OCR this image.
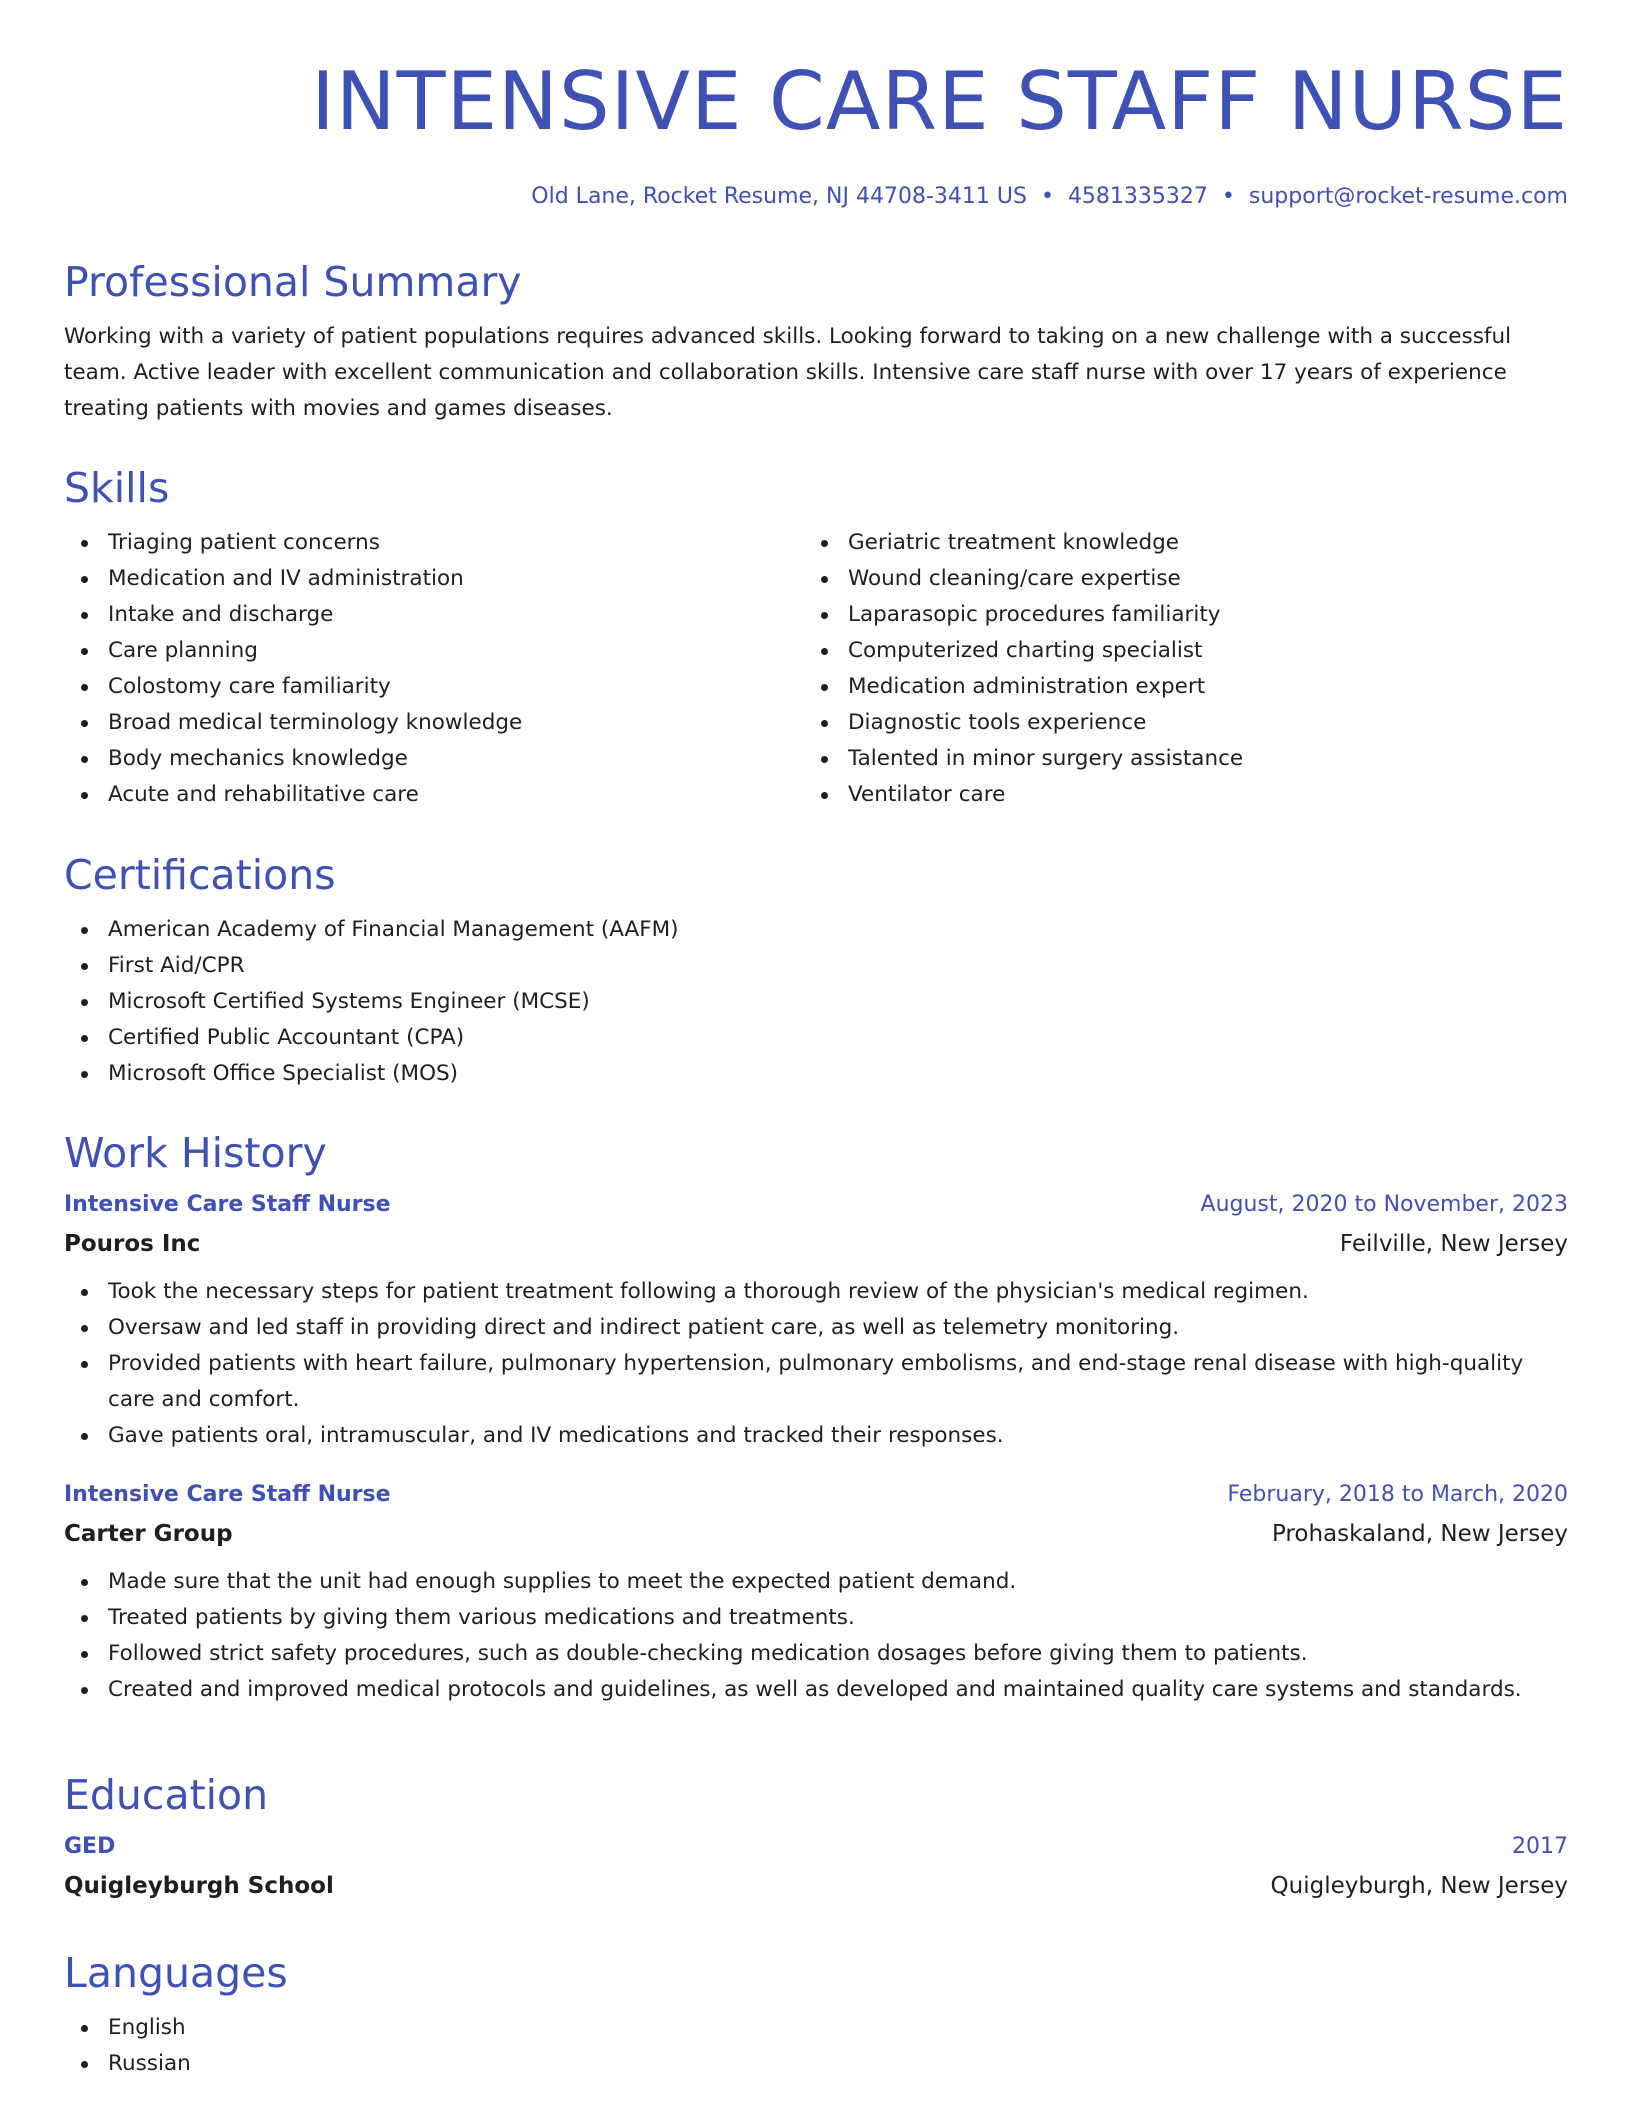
INTENSIVE CARE STAFF NURSE
Old Lane, Rocket Resume, NJ 44708-3411 US • 4581335327 • support@rocket-resume.com
Professional Summary

Working with a variety of patient populations requires advanced skills. Looking forward to taking on a new challenge with a successful team. Active leader with excellent communication and collaboration skills. Intensive care staff nurse with over 17 years of experience treating patients with movies and games diseases.

Skills
Triaging patient concerns
Medication and IV administration
Intake and discharge
Care planning
Colostomy care familiarity
Broad medical terminology knowledge
Body mechanics knowledge
Acute and rehabilitative care
Geriatric treatment knowledge
Wound cleaning/care expertise
Laparasopic procedures familiarity
Computerized charting specialist
Medication administration expert
Diagnostic tools experience
Talented in minor surgery assistance
Ventilator care
Certifications
American Academy of Financial Management (AAFM)
First Aid/CPR
Microsoft Certified Systems Engineer (MCSE)
Certified Public Accountant (CPA)
Microsoft Office Specialist (MOS)
Work History
Intensive Care Staff Nurse	August, 2020 to November, 2023
Pouros Inc	Feilville, New Jersey
Took the necessary steps for patient treatment following a thorough review of the physician's medical regimen.
Oversaw and led staff in providing direct and indirect patient care, as well as telemetry monitoring.
Provided patients with heart failure, pulmonary hypertension, pulmonary embolisms, and end-stage renal disease with high-quality care and comfort.
Gave patients oral, intramuscular, and IV medications and tracked their responses.
Intensive Care Staff Nurse	February, 2018 to March, 2020
Carter Group	Prohaskaland, New Jersey
Made sure that the unit had enough supplies to meet the expected patient demand.
Treated patients by giving them various medications and treatments.
Followed strict safety procedures, such as double-checking medication dosages before giving them to patients.
Created and improved medical protocols and guidelines, as well as developed and maintained quality care systems and standards.
Education
GED	2017
Quigleyburgh School	Quigleyburgh, New Jersey
Languages
English
Russian
